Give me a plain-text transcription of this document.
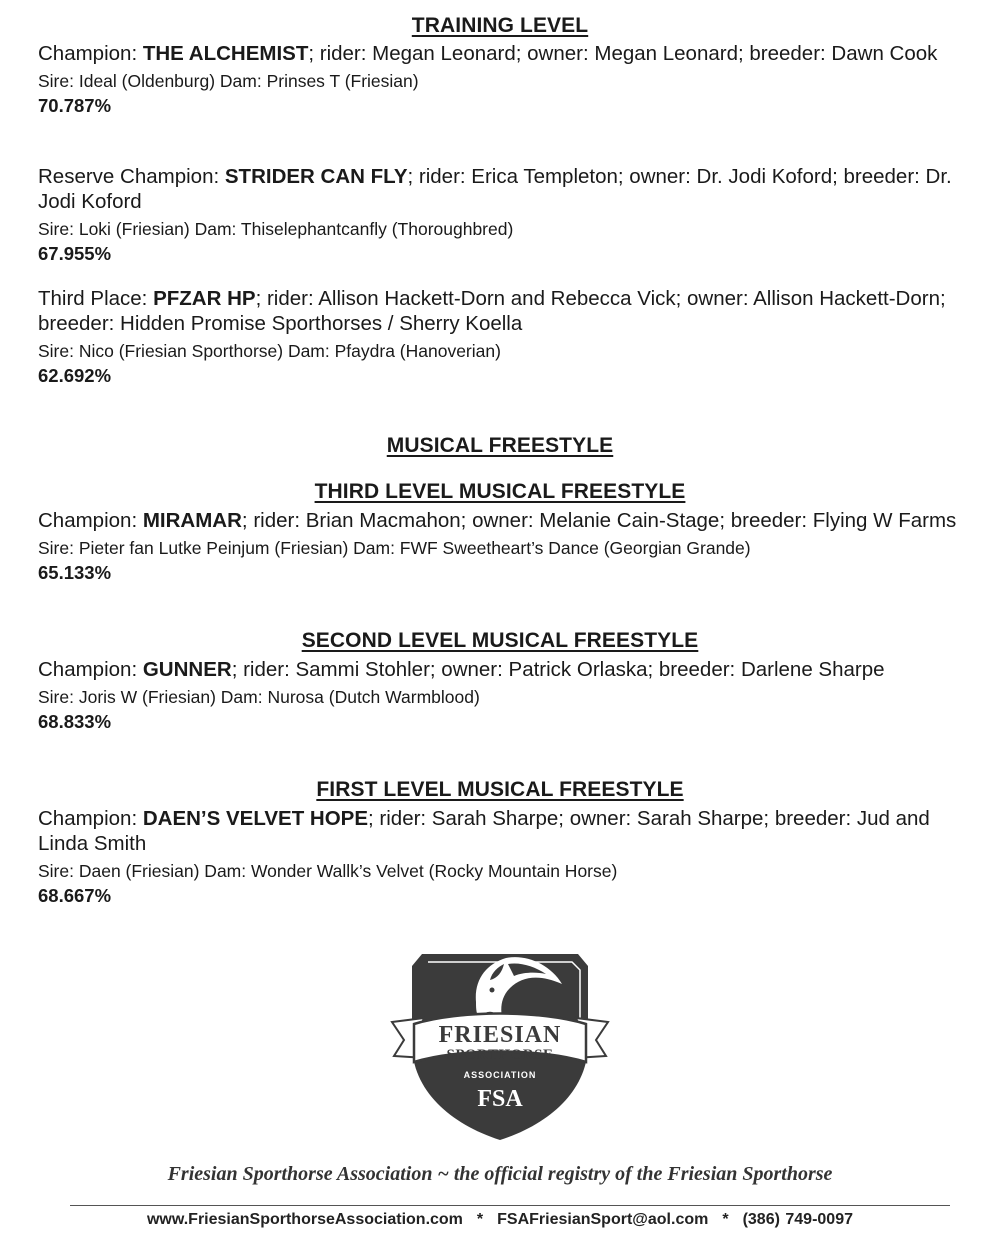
TRAINING LEVEL

Champion: THE ALCHEMIST; rider: Megan Leonard; owner: Megan Leonard; breeder: Dawn Cook

Sire: Ideal (Oldenburg) Dam: Prinses T (Friesian)
70.787%

Reserve Champion: STRIDER CAN FLY; rider: Erica Templeton; owner: Dr. Jodi Koford; breeder: Dr. Jodi Koford

Sire: Loki (Friesian) Dam: Thiselephantcanfly (Thoroughbred)
67.955%

Third Place: PFZAR HP; rider: Allison Hackett-Dorn and Rebecca Vick; owner: Allison Hackett-Dorn; breeder: Hidden Promise Sporthorses / Sherry Koella

Sire: Nico (Friesian Sporthorse) Dam: Pfaydra (Hanoverian)
62.692%
MUSICAL FREESTYLE
THIRD LEVEL MUSICAL FREESTYLE

Champion: MIRAMAR; rider: Brian Macmahon; owner: Melanie Cain-Stage; breeder: Flying W Farms

Sire: Pieter fan Lutke Peinjum (Friesian) Dam: FWF Sweetheart’s Dance (Georgian Grande)
65.133%
SECOND LEVEL MUSICAL FREESTYLE

Champion: GUNNER; rider: Sammi Stohler; owner: Patrick Orlaska; breeder: Darlene Sharpe

Sire: Joris W (Friesian) Dam: Nurosa (Dutch Warmblood)
68.833%
FIRST LEVEL MUSICAL FREESTYLE

Champion: DAEN’S VELVET HOPE; rider: Sarah Sharpe; owner: Sarah Sharpe; breeder: Jud and Linda Smith

Sire: Daen (Friesian) Dam: Wonder Wallk’s Velvet (Rocky Mountain Horse)
68.667%
FRIESIAN
SPORTHORSE
ASSOCIATION
FSA
Friesian Sporthorse Association ~ the official registry of the Friesian Sporthorse
www.FriesianSporthorseAssociation.com * FSAFriesianSport@aol.com * (386) 749-0097
